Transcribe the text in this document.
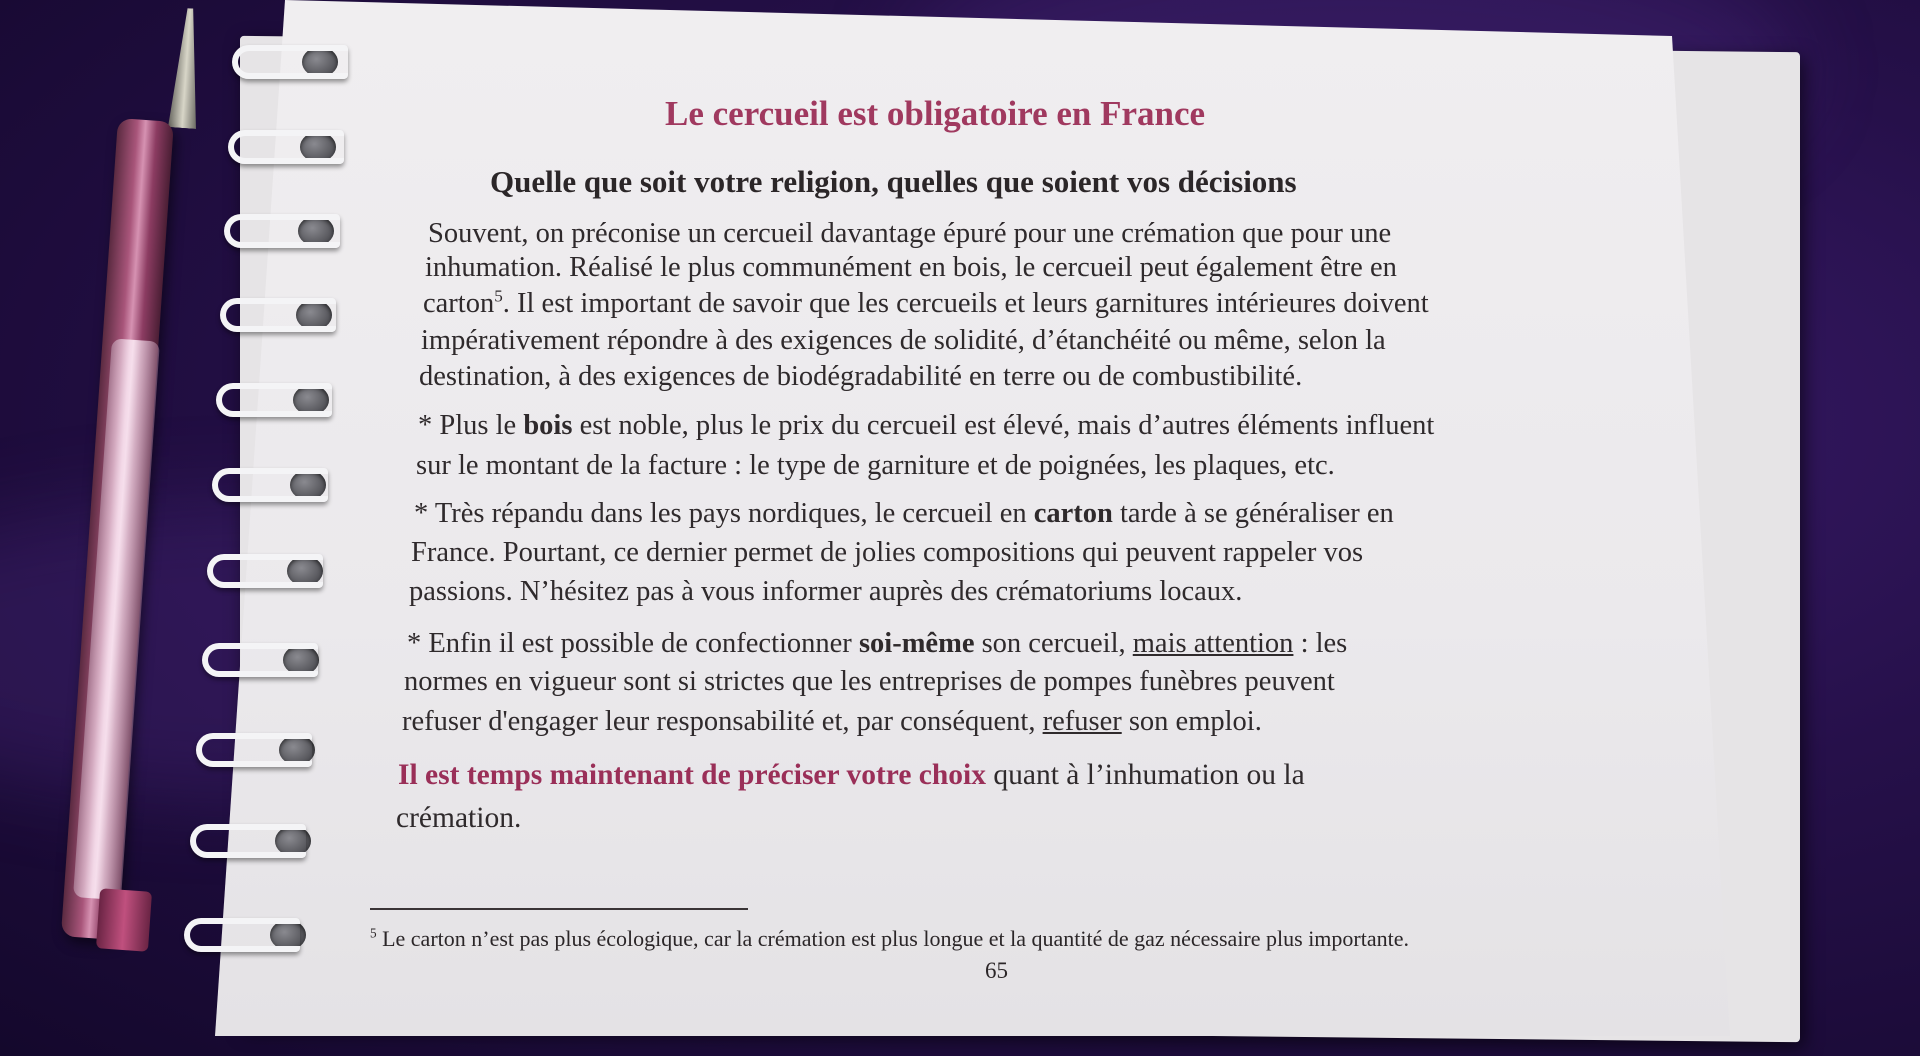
Le cercueil est obligatoire en France
Quelle que soit votre religion, quelles que soient vos décisions
Souvent, on préconise un cercueil davantage épuré pour une crémation que pour une
inhumation. Réalisé le plus communément en bois, le cercueil peut également être en
carton$^5$. Il est important de savoir que les cercueils et leurs garnitures intérieures doivent
impérativement répondre à des exigences de solidité, d’étanchéité ou même, selon la
destination, à des exigences de biodégradabilité en terre ou de combustibilité.
* Plus le bois est noble, plus le prix du cercueil est élevé, mais d’autres éléments influent
sur le montant de la facture : le type de garniture et de poignées, les plaques, etc.
* Très répandu dans les pays nordiques, le cercueil en carton tarde à se généraliser en
France. Pourtant, ce dernier permet de jolies compositions qui peuvent rappeler vos
passions. N’hésitez pas à vous informer auprès des crématoriums locaux.
* Enfin il est possible de confectionner soi-même son cercueil, mais attention : les
normes en vigueur sont si strictes que les entreprises de pompes funèbres peuvent
refuser d'engager leur responsabilité et, par conséquent, refuser son emploi.
Il est temps maintenant de préciser votre choix quant à l’inhumation ou la
crémation.
$^5$ Le carton n’est pas plus écologique, car la crémation est plus longue et la quantité de gaz nécessaire plus importante.
65
